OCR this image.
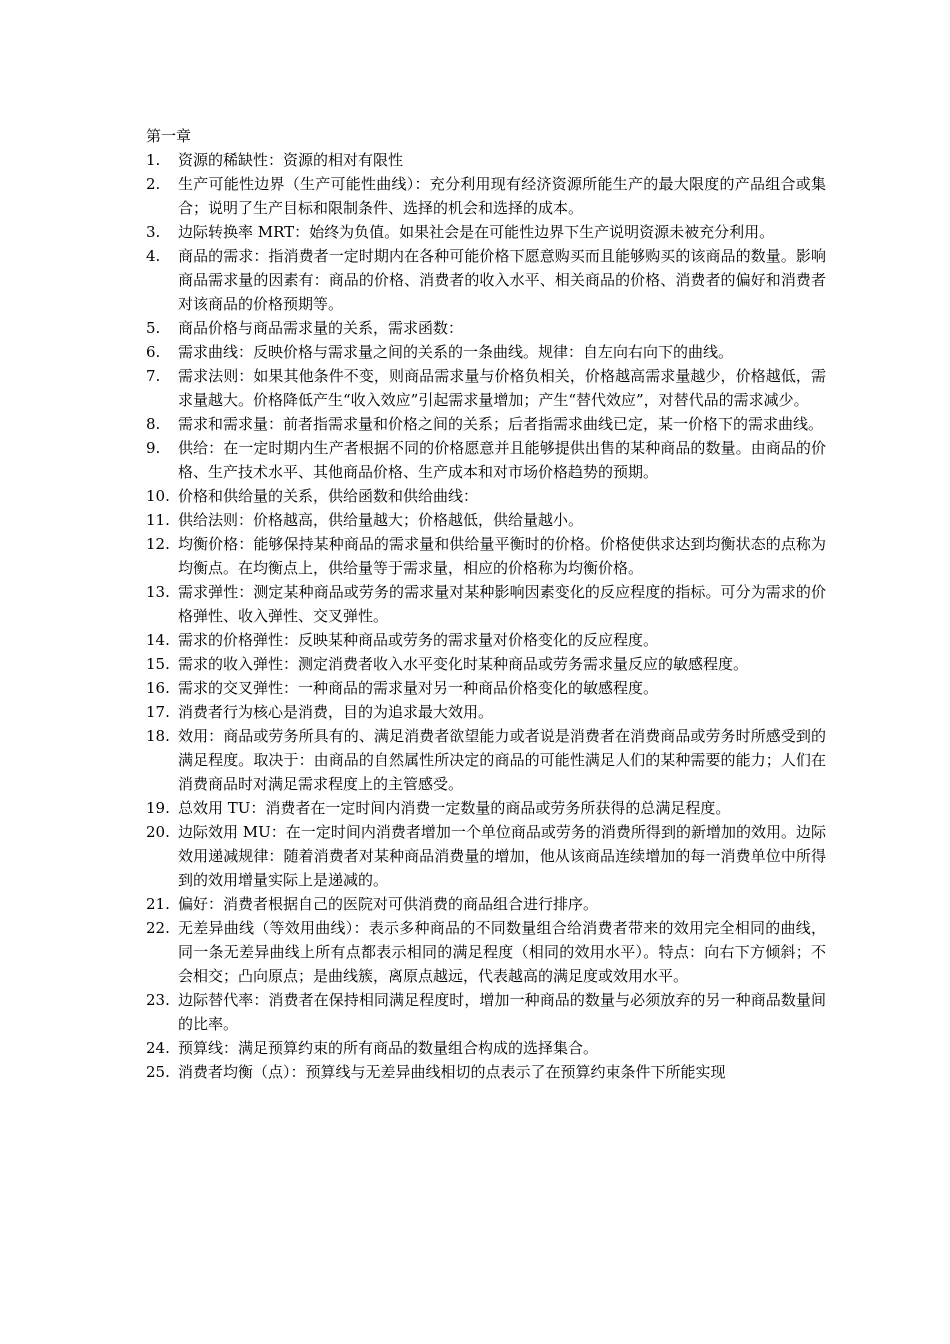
第一章
1.	资源的稀缺性：资源的相对有限性
2.	生产可能性边界（生产可能性曲线）：充分利用现有经济资源所能生产的最大限度的产品组合或集合；说明了生产目标和限制条件、选择的机会和选择的成本。
3.	边际转换率 MRT：始终为负值。如果社会是在可能性边界下生产说明资源未被充分利用。
4.	商品的需求：指消费者一定时期内在各种可能价格下愿意购买而且能够购买的该商品的数量。影响商品需求量的因素有：商品的价格、消费者的收入水平、相关商品的价格、消费者的偏好和消费者对该商品的价格预期等。
5.	商品价格与商品需求量的关系，需求函数：
6.	需求曲线：反映价格与需求量之间的关系的一条曲线。规律：自左向右向下的曲线。
7.	需求法则：如果其他条件不变，则商品需求量与价格负相关，价格越高需求量越少，价格越低，需求量越大。价格降低产生“收入效应”引起需求量增加；产生“替代效应”，对替代品的需求减少。
8.	需求和需求量：前者指需求量和价格之间的关系；后者指需求曲线已定，某一价格下的需求曲线。
9.	供给：在一定时期内生产者根据不同的价格愿意并且能够提供出售的某种商品的数量。由商品的价格、生产技术水平、其他商品价格、生产成本和对市场价格趋势的预期。
10. 价格和供给量的关系，供给函数和供给曲线：
11. 供给法则：价格越高，供给量越大；价格越低，供给量越小。
12. 均衡价格：能够保持某种商品的需求量和供给量平衡时的价格。价格使供求达到均衡状态的点称为均衡点。在均衡点上，供给量等于需求量，相应的价格称为均衡价格。
13. 需求弹性：测定某种商品或劳务的需求量对某种影响因素变化的反应程度的指标。可分为需求的价格弹性、收入弹性、交叉弹性。
14. 需求的价格弹性：反映某种商品或劳务的需求量对价格变化的反应程度。
15. 需求的收入弹性：测定消费者收入水平变化时某种商品或劳务需求量反应的敏感程度。
16. 需求的交叉弹性：一种商品的需求量对另一种商品价格变化的敏感程度。
17. 消费者行为核心是消费，目的为追求最大效用。
18. 效用：商品或劳务所具有的、满足消费者欲望能力或者说是消费者在消费商品或劳务时所感受到的满足程度。取决于：由商品的自然属性所决定的商品的可能性满足人们的某种需要的能力；人们在消费商品时对满足需求程度上的主管感受。
19. 总效用 TU：消费者在一定时间内消费一定数量的商品或劳务所获得的总满足程度。
20. 边际效用 MU：在一定时间内消费者增加一个单位商品或劳务的消费所得到的新增加的效用。边际效用递减规律：随着消费者对某种商品消费量的增加，他从该商品连续增加的每一消费单位中所得到的效用增量实际上是递减的。
21. 偏好：消费者根据自己的医院对可供消费的商品组合进行排序。
22. 无差异曲线（等效用曲线）：表示多种商品的不同数量组合给消费者带来的效用完全相同的曲线，同一条无差异曲线上所有点都表示相同的满足程度（相同的效用水平）。特点：向右下方倾斜；不会相交；凸向原点；是曲线簇，离原点越远，代表越高的满足度或效用水平。
23. 边际替代率：消费者在保持相同满足程度时，增加一种商品的数量与必须放弃的另一种商品数量间的比率。
24. 预算线：满足预算约束的所有商品的数量组合构成的选择集合。
25. 消费者均衡（点）：预算线与无差异曲线相切的点表示了在预算约束条件下所能实现
